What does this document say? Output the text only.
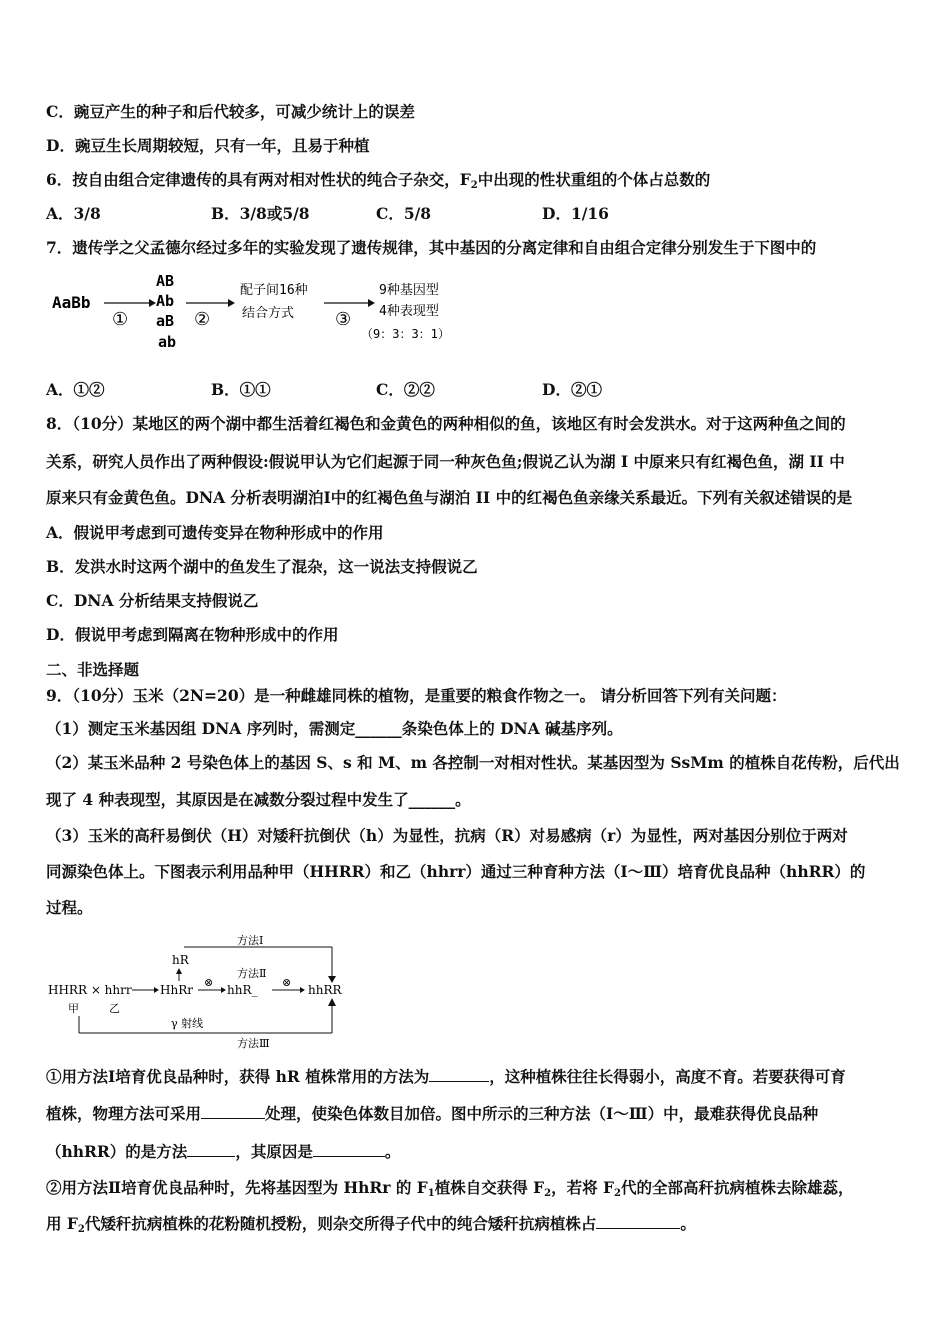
C．豌豆产生的种子和后代较多，可减少统计上的误差
D．豌豆生长周期较短，只有一年，且易于种植
6．按自由组合定律遗传的具有两对相对性状的纯合子杂交，$F_2$中出现的性状重组的个体占总数的
A．3/8	B．3/8或5/8	C．5/8	D．1/16
7．遗传学之父孟德尔经过多年的实验发现了遗传规律，其中基因的分离定律和自由组合定律分别发生于下图中的
AaBb
①
AB
Ab
aB
ab
②
配子间16种
结合方式 ③
9种基因型
4种表现型
（9：3：3：1）
A．①②	B．①①	C．②②	D．②①
8．（10分）某地区的两个湖中都生活着红褐色和金黄色的两种相似的鱼，该地区有时会发洪水。对于这两种鱼之间的
关系，研究人员作出了两种假设:假说甲认为它们起源于同一种灰色鱼;假说乙认为湖 I 中原来只有红褐色鱼，湖 II 中
原来只有金黄色鱼。DNA 分析表明湖泊Ⅰ中的红褐色鱼与湖泊 II 中的红褐色鱼亲缘关系最近。下列有关叙述错误的是
A．假说甲考虑到可遗传变异在物种形成中的作用
B．发洪水时这两个湖中的鱼发生了混杂，这一说法支持假说乙
C．DNA 分析结果支持假说乙
D．假说甲考虑到隔离在物种形成中的作用
二、非选择题
9．（10分）玉米（2N=20）是一种雌雄同株的植物，是重要的粮食作物之一。 请分析回答下列有关问题：
（1）测定玉米基因组 DNA 序列时，需测定______条染色体上的 DNA 碱基序列。
（2）某玉米品种 2 号染色体上的基因 S、s 和 M、m 各控制一对相对性状。某基因型为 SsMm 的植株自花传粉，后代出
现了 4 种表现型，其原因是在减数分裂过程中发生了______。
（3）玉米的高秆易倒伏（H）对矮秆抗倒伏（h）为显性，抗病（R）对易感病（r）为显性，两对基因分别位于两对
同源染色体上。下图表示利用品种甲（HHRR）和乙（hhrr）通过三种育种方法（Ⅰ～Ⅲ）培育优良品种（hhRR）的
过程。
方法Ⅰ
hR
HHRR × hhrr HhRr
方法Ⅱ
⊗
hhR_
⊗
hhRR
甲	乙
γ 射线
方法Ⅲ
①用方法Ⅰ培育优良品种时，获得 hR 植株常用的方法为	，这种植株往往长得弱小，高度不育。若要获得可育
植株，物理方法可采用	处理，使染色体数目加倍。图中所示的三种方法（Ⅰ～Ⅲ）中，最难获得优良品种
（hhRR）的是方法	，其原因是	。
②用方法Ⅱ培育优良品种时，先将基因型为 HhRr 的 $F_1$植株自交获得 $F_2$，若将 $F_2$代的全部高秆抗病植株去除雄蕊，
用 $F_2$代矮秆抗病植株的花粉随机授粉，则杂交所得子代中的纯合矮秆抗病植株占	。
